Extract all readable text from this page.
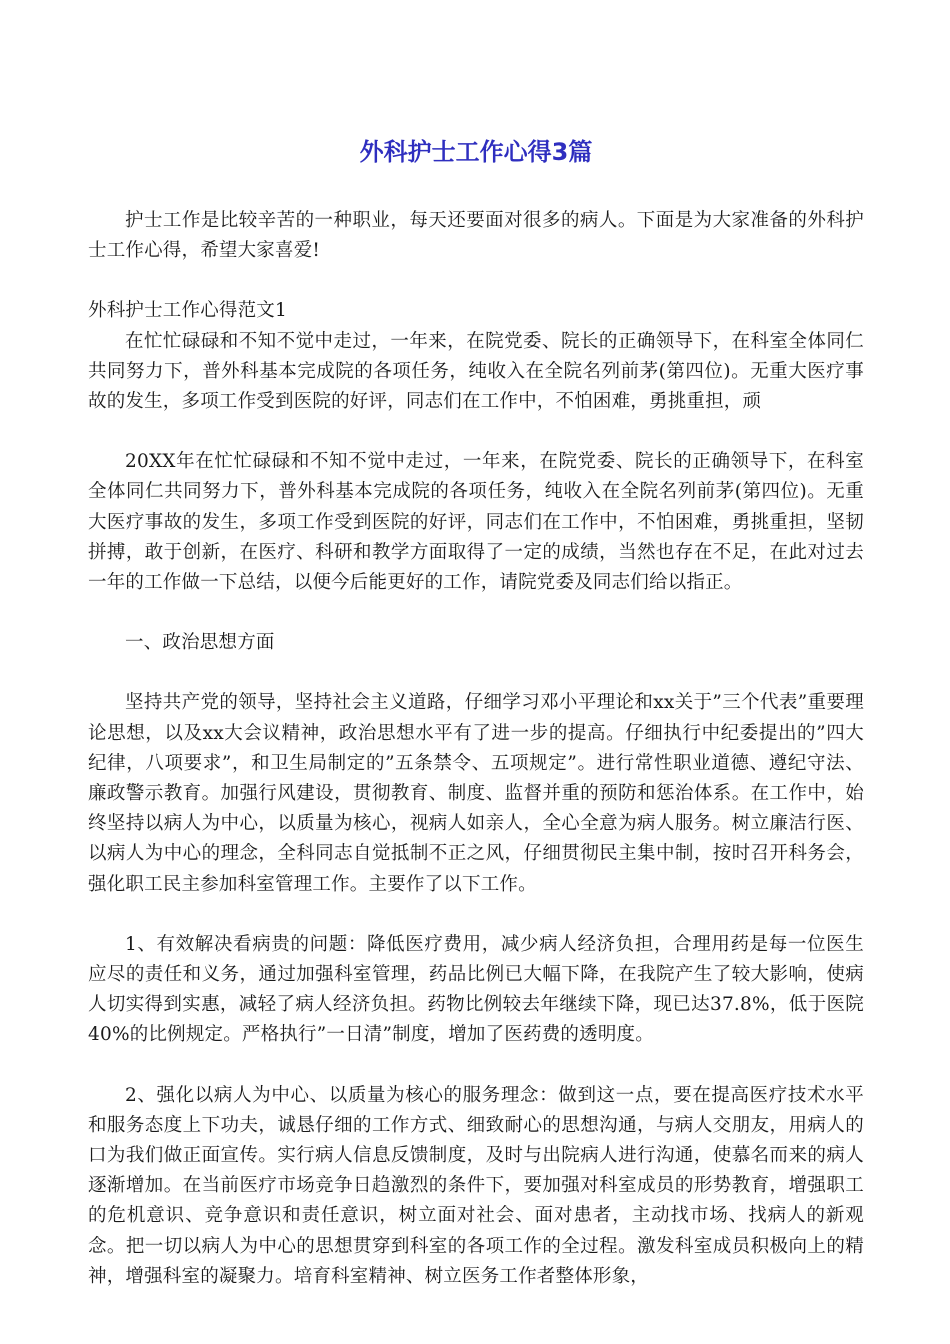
外科护士工作心得3篇

护士工作是比较辛苦的一种职业，每天还要面对很多的病人。下面是为大家准备的外科护士工作心得，希望大家喜爱!

外科护士工作心得范文1

在忙忙碌碌和不知不觉中走过，一年来，在院党委、院长的正确领导下，在科室全体同仁共同努力下，普外科基本完成院的各项任务，纯收入在全院名列前茅(第四位)。无重大医疗事故的发生，多项工作受到医院的好评，同志们在工作中，不怕困难，勇挑重担，顽

20XX年在忙忙碌碌和不知不觉中走过，一年来，在院党委、院长的正确领导下，在科室全体同仁共同努力下，普外科基本完成院的各项任务，纯收入在全院名列前茅(第四位)。无重大医疗事故的发生，多项工作受到医院的好评，同志们在工作中，不怕困难，勇挑重担，坚韧拼搏，敢于创新，在医疗、科研和教学方面取得了一定的成绩，当然也存在不足，在此对过去一年的工作做一下总结，以便今后能更好的工作，请院党委及同志们给以指正。

一、政治思想方面

坚持共产党的领导，坚持社会主义道路，仔细学习邓小平理论和xx关于”三个代表”重要理论思想，以及xx大会议精神，政治思想水平有了进一步的提高。仔细执行中纪委提出的”四大纪律，八项要求”，和卫生局制定的”五条禁令、五项规定”。进行常性职业道德、遵纪守法、廉政警示教育。加强行风建设，贯彻教育、制度、监督并重的预防和惩治体系。在工作中，始终坚持以病人为中心，以质量为核心，视病人如亲人，全心全意为病人服务。树立廉洁行医、以病人为中心的理念，全科同志自觉抵制不正之风，仔细贯彻民主集中制，按时召开科务会，强化职工民主参加科室管理工作。主要作了以下工作。

1、有效解决看病贵的问题：降低医疗费用，减少病人经济负担，合理用药是每一位医生应尽的责任和义务，通过加强科室管理，药品比例已大幅下降，在我院产生了较大影响，使病人切实得到实惠，减轻了病人经济负担。药物比例较去年继续下降，现已达37.8%，低于医院40%的比例规定。严格执行”一日清”制度，增加了医药费的透明度。

2、强化以病人为中心、以质量为核心的服务理念：做到这一点，要在提高医疗技术水平和服务态度上下功夫，诚恳仔细的工作方式、细致耐心的思想沟通，与病人交朋友，用病人的口为我们做正面宣传。实行病人信息反馈制度，及时与出院病人进行沟通，使慕名而来的病人逐渐增加。在当前医疗市场竞争日趋激烈的条件下，要加强对科室成员的形势教育，增强职工的危机意识、竞争意识和责任意识，树立面对社会、面对患者，主动找市场、找病人的新观念。把一切以病人为中心的思想贯穿到科室的各项工作的全过程。激发科室成员积极向上的精神，增强科室的凝聚力。培育科室精神、树立医务工作者整体形象，
